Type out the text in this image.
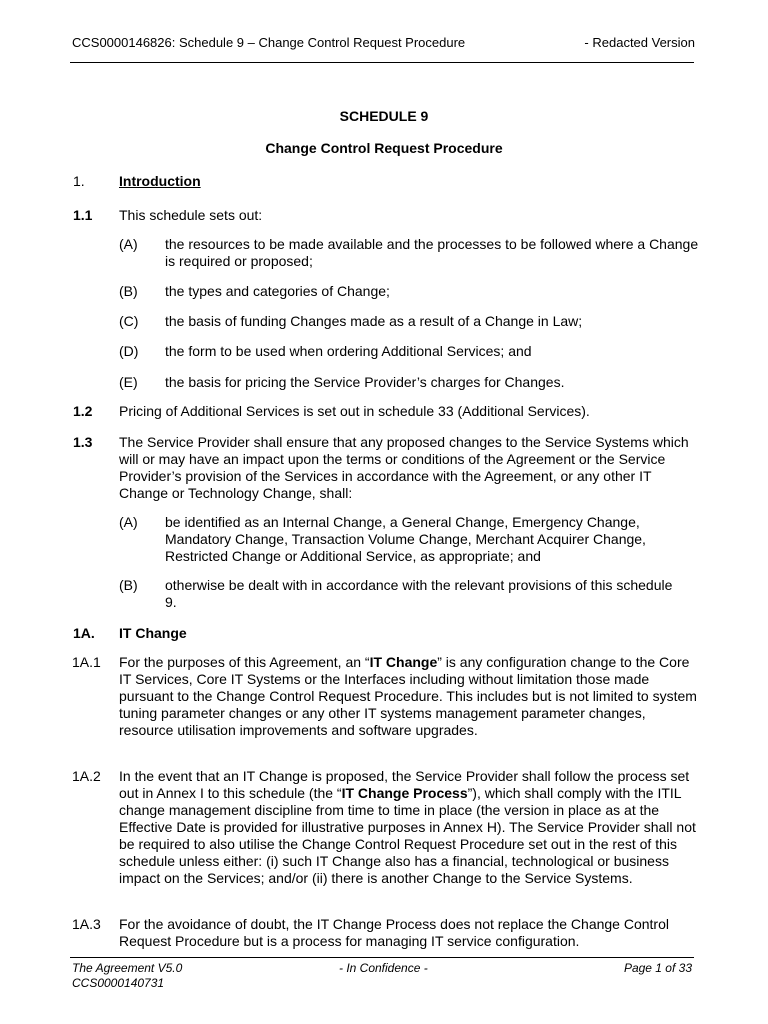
CCS0000146826: Schedule 9 – Change Control Request Procedure	- Redacted Version
SCHEDULE 9
Change Control Request Procedure
1. Introduction
1.1 This schedule sets out:
(A) the resources to be made available and the processes to be followed where a Change is required or proposed;
(B) the types and categories of Change;
(C) the basis of funding Changes made as a result of a Change in Law;
(D) the form to be used when ordering Additional Services; and
(E) the basis for pricing the Service Provider’s charges for Changes.
1.2 Pricing of Additional Services is set out in schedule 33 (Additional Services).
1.3 The Service Provider shall ensure that any proposed changes to the Service Systems which will or may have an impact upon the terms or conditions of the Agreement or the Service Provider’s provision of the Services in accordance with the Agreement, or any other IT Change or Technology Change, shall:
(A) be identified as an Internal Change, a General Change, Emergency Change, Mandatory Change, Transaction Volume Change, Merchant Acquirer Change, Restricted Change or Additional Service, as appropriate; and
(B) otherwise be dealt with in accordance with the relevant provisions of this schedule 9.
1A. IT Change
1A.1 For the purposes of this Agreement, an “IT Change” is any configuration change to the Core IT Services, Core IT Systems or the Interfaces including without limitation those made pursuant to the Change Control Request Procedure. This includes but is not limited to system tuning parameter changes or any other IT systems management parameter changes, resource utilisation improvements and software upgrades.
1A.2 In the event that an IT Change is proposed, the Service Provider shall follow the process set out in Annex I to this schedule (the “IT Change Process”), which shall comply with the ITIL change management discipline from time to time in place (the version in place as at the Effective Date is provided for illustrative purposes in Annex H). The Service Provider shall not be required to also utilise the Change Control Request Procedure set out in the rest of this schedule unless either: (i) such IT Change also has a financial, technological or business impact on the Services; and/or (ii) there is another Change to the Service Systems.
1A.3 For the avoidance of doubt, the IT Change Process does not replace the Change Control Request Procedure but is a process for managing IT service configuration.
The Agreement V5.0	- In Confidence -	Page 1 of 33
CCS0000140731
